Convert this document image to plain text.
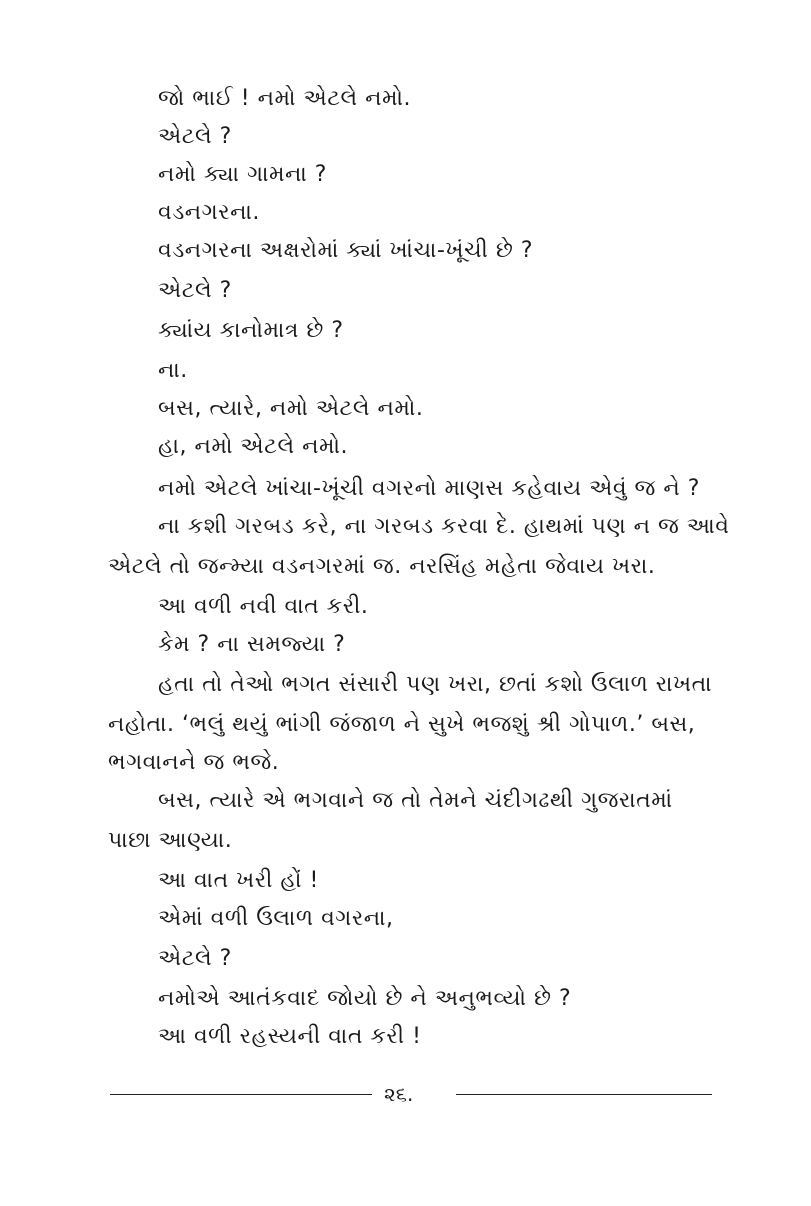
જો ભાઈ ! નમો એટલે નમો.
એટલે ?
નમો ક્યા ગામના ?
વડનગરના.
વડનગરના અક્ષરોમાં ક્યાં ખાંચા-ખૂંચી છે ?
એટલે ?
ક્યાંય કાનોમાત્ર છે ?
ના.
બસ, ત્યારે, નમો એટલે નમો.
હા, નમો એટલે નમો.
નમો એટલે ખાંચા-ખૂંચી વગરનો માણસ કહેવાય એવું જ ને ?
ના કશી ગરબડ કરે, ના ગરબડ કરવા દે. હાથમાં પણ ન જ આવે
એટલે તો જન્મ્યા વડનગરમાં જ. નરસિંહ મહેતા જેવાય ખરા.
આ વળી નવી વાત કરી.
કેમ ? ના સમજ્યા ?
હતા તો તેઓ ભગત સંસારી પણ ખરા, છતાં કશો ઉલાળ રાખતા
નહોતા. ‘ભલું થયું ભાંગી જંજાળ ને સુખે ભજશું શ્રી ગોપાળ.’ બસ,
ભગવાનને જ ભજે.
બસ, ત્યારે એ ભગવાને જ તો તેમને ચંદીગઢથી ગુજરાતમાં
પાછા આણ્યા.
આ વાત ખરી હોં !
એમાં વળી ઉલાળ વગરના,
એટલે ?
નમોએ આતંકવાદ જોયો છે ને અનુભવ્યો છે ?
આ વળી રહસ્યની વાત કરી !
૨૬.
